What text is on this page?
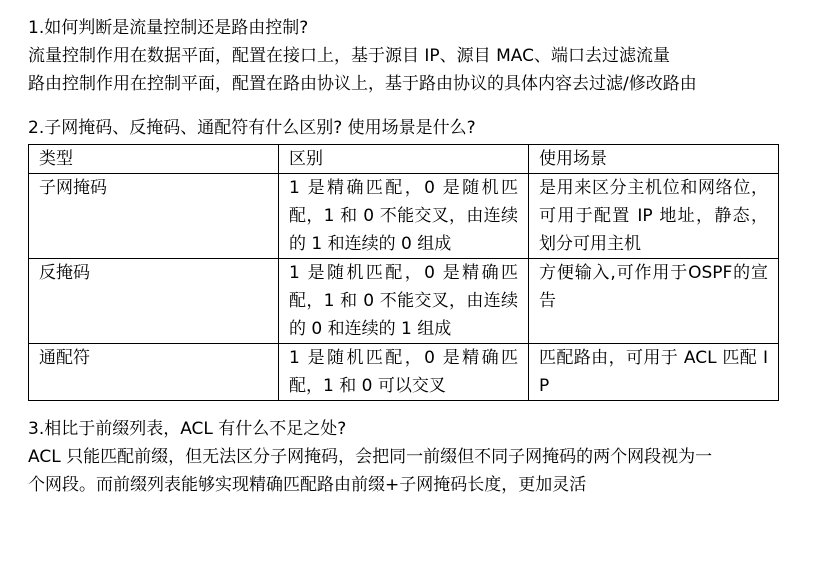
1.如何判断是流量控制还是路由控制?
流量控制作用在数据平面，配置在接口上，基于源目 IP、源目 MAC、端口去过滤流量
路由控制作用在控制平面，配置在路由协议上，基于路由协议的具体内容去过滤/修改路由
2.子网掩码、反掩码、通配符有什么区别? 使用场景是什么?
类型	区别	使用场景

子网掩码	1 是精确匹配，0 是随机匹配，1 和 0 不能交叉，由连续的 1 和连续的 0 组成	是用来区分主机位和网络位，可用于配置 IP 地址，静态，划分可用主机

反掩码	1 是随机匹配，0 是精确匹配，1 和 0 不能交叉，由连续的 0 和连续的 1 组成	方便输入,可作用于OSPF的宣告

通配符	1 是随机匹配，0 是精确匹配，1 和 0 可以交叉	匹配路由，可用于 ACL 匹配 IP
3.相比于前缀列表，ACL 有什么不足之处?
ACL 只能匹配前缀，但无法区分子网掩码，会把同一前缀但不同子网掩码的两个网段视为一
个网段。而前缀列表能够实现精确匹配路由前缀+子网掩码长度，更加灵活
